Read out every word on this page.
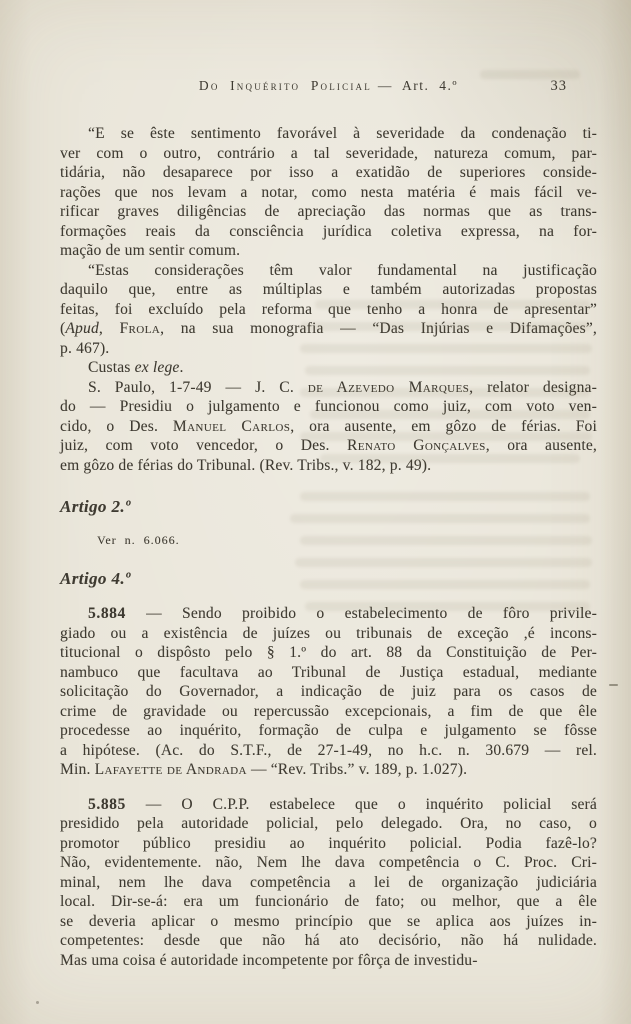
Do Inquérito Policial — Art. 4.º	33
“E se êste sentimento favorável à severidade da condenação ti-
ver com o outro, contrário a tal severidade, natureza comum, par-
tidária, não desaparece por isso a exatidão de superiores conside-
rações que nos levam a notar, como nesta matéria é mais fácil ve-
rificar graves diligências de apreciação das normas que as trans-
formações reais da consciência jurídica coletiva expressa, na for-
mação de um sentir comum.
“Estas considerações têm valor fundamental na justificação
daquilo que, entre as múltiplas e também autorizadas propostas
feitas, foi excluído pela reforma que tenho a honra de apresentar”
(Apud, Frola, na sua monografia — “Das Injúrias e Difamações”,
p. 467).
Custas ex lege.
S. Paulo, 1-7-49 — J. C. de Azevedo Marques, relator designa-
do — Presidiu o julgamento e funcionou como juiz, com voto ven-
cido, o Des. Manuel Carlos, ora ausente, em gôzo de férias. Foi
juiz, com voto vencedor, o Des. Renato Gonçalves, ora ausente,
em gôzo de férias do Tribunal. (Rev. Tribs., v. 182, p. 49).
Artigo 2.º
Ver n. 6.066.
Artigo 4.º
5.884 — Sendo proibido o estabelecimento de fôro privile-
giado ou a existência de juízes ou tribunais de exceção ,é incons-
titucional o dispôsto pelo § 1.º do art. 88 da Constituição de Per-
nambuco que facultava ao Tribunal de Justiça estadual, mediante
solicitação do Governador, a indicação de juiz para os casos de
crime de gravidade ou repercussão excepcionais, a fim de que êle
procedesse ao inquérito, formação de culpa e julgamento se fôsse
a hipótese. (Ac. do S.T.F., de 27-1-49, no h.c. n. 30.679 — rel.
Min. Lafayette de Andrada — “Rev. Tribs.” v. 189, p. 1.027).
5.885 — O C.P.P. estabelece que o inquérito policial será
presidido pela autoridade policial, pelo delegado. Ora, no caso, o
promotor público presidiu ao inquérito policial. Podia fazê-lo?
Não, evidentemente. não, Nem lhe dava competência o C. Proc. Cri-
minal, nem lhe dava competência a lei de organização judiciária
local. Dir-se-á: era um funcionário de fato; ou melhor, que a êle
se deveria aplicar o mesmo princípio que se aplica aos juízes in-
competentes: desde que não há ato decisório, não há nulidade.
Mas uma coisa é autoridade incompetente por fôrça de investidu-
